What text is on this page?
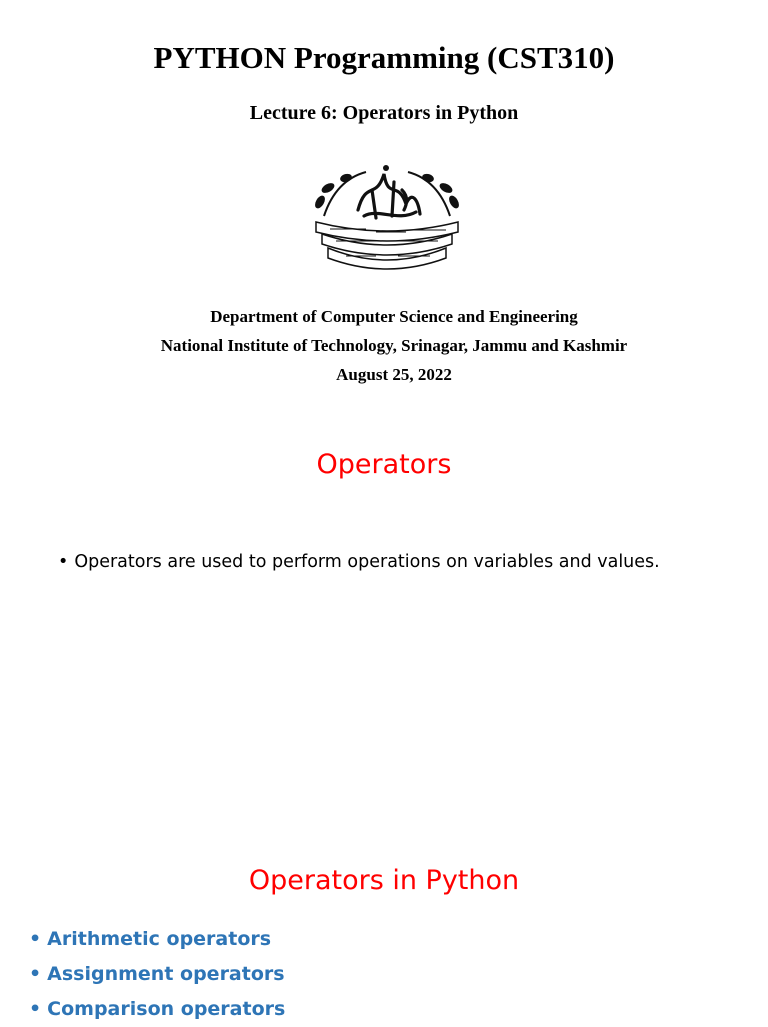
PYTHON Programming (CST310)
Lecture 6: Operators in Python
Department of Computer Science and Engineering
National Institute of Technology, Srinagar, Jammu and Kashmir
August 25, 2022
Operators
• Operators are used to perform operations on variables and values.
Operators in Python
• Arithmetic operators
• Assignment operators
• Comparison operators
